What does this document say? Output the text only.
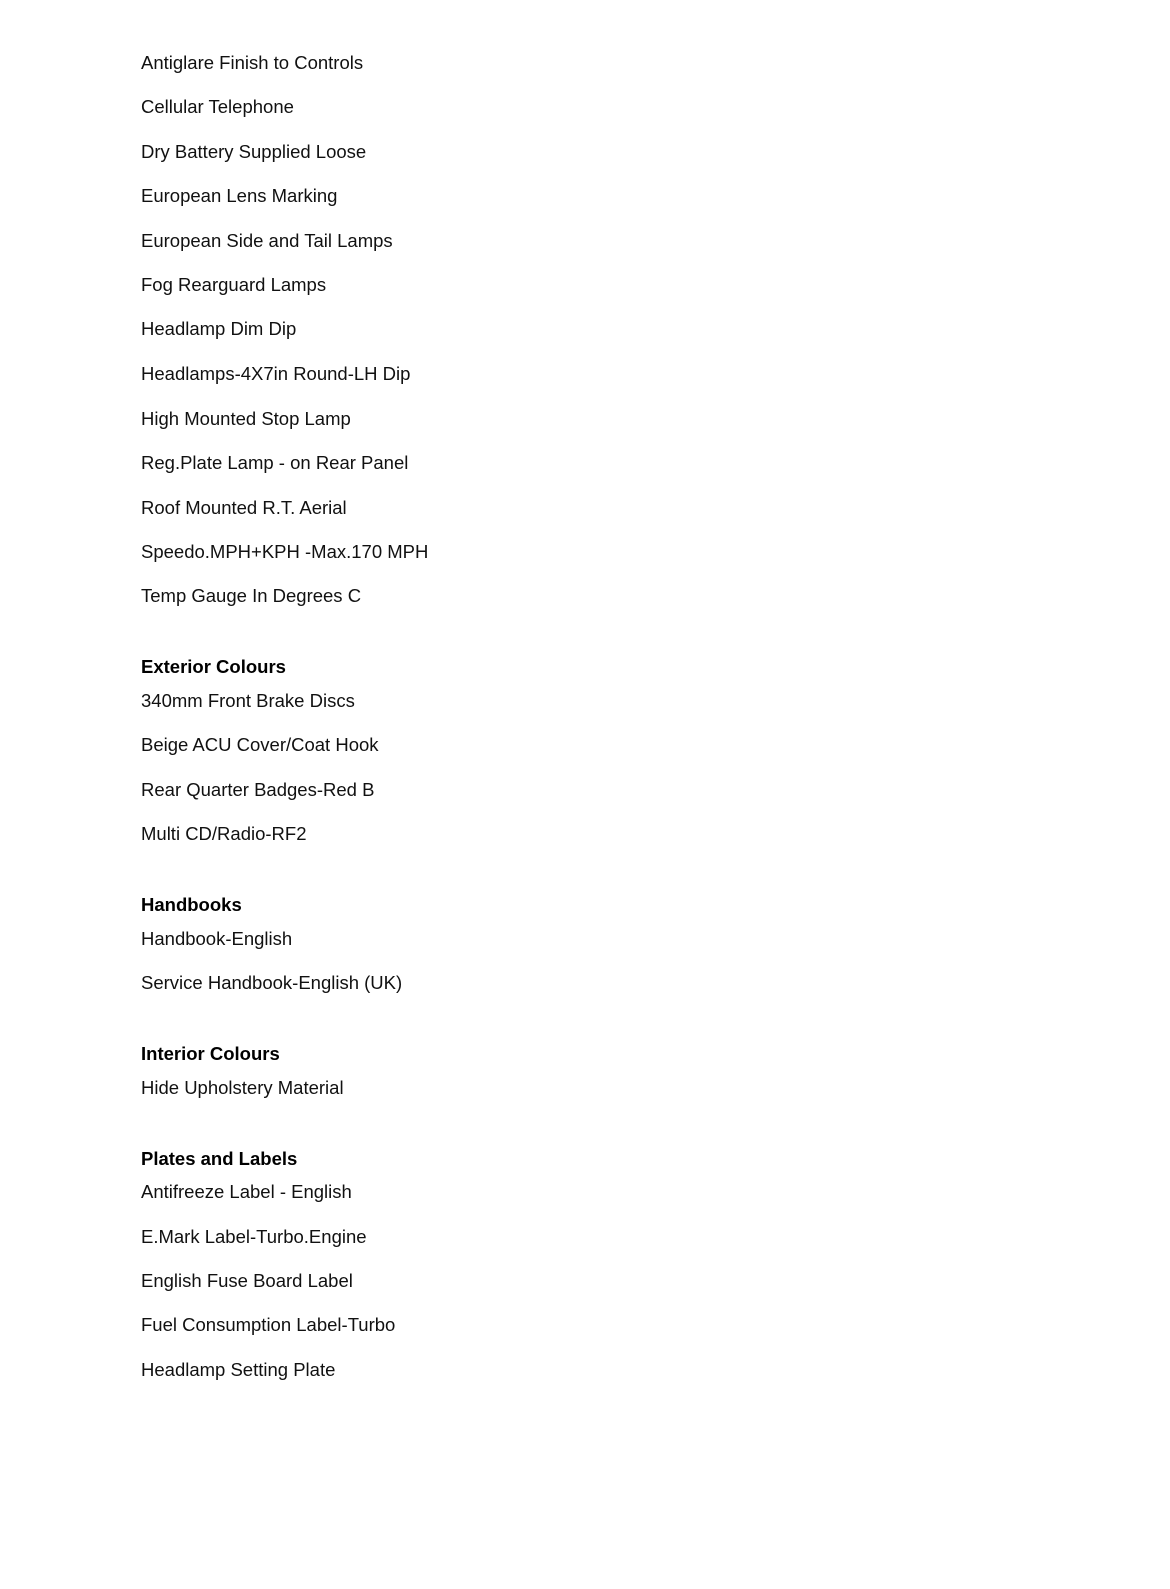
Antiglare Finish to Controls
Cellular Telephone
Dry Battery Supplied Loose
European Lens Marking
European Side and Tail Lamps
Fog Rearguard Lamps
Headlamp Dim Dip
Headlamps-4X7in Round-LH Dip
High Mounted Stop Lamp
Reg.Plate Lamp - on Rear Panel
Roof Mounted R.T. Aerial
Speedo.MPH+KPH -Max.170 MPH
Temp Gauge In Degrees C
Exterior Colours
340mm Front Brake Discs
Beige ACU Cover/Coat Hook
Rear Quarter Badges-Red B
Multi CD/Radio-RF2
Handbooks
Handbook-English
Service Handbook-English (UK)
Interior Colours
Hide Upholstery Material
Plates and Labels
Antifreeze Label - English
E.Mark Label-Turbo.Engine
English Fuse Board Label
Fuel Consumption Label-Turbo
Headlamp Setting Plate
